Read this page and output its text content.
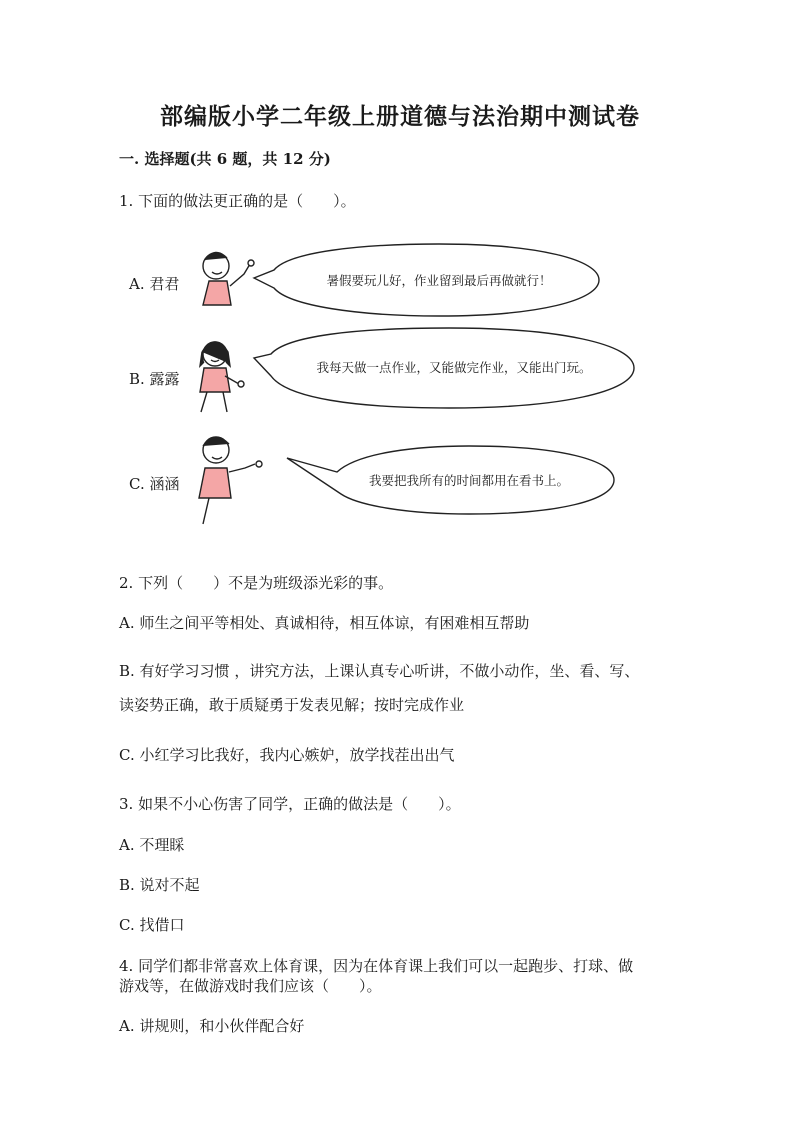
部编版小学二年级上册道德与法治期中测试卷
一. 选择题(共 6 题，共 12 分)
1. 下面的做法更正确的是（　　）。
A. 君君	暑假要玩儿好，作业留到最后再做就行！
B. 露露
我每天做一点作业，又能做完作业，又能出门玩。
C. 涵涵	我要把我所有的时间都用在看书上。
2. 下列（　　）不是为班级添光彩的事。
A. 师生之间平等相处、真诚相待，相互体谅，有困难相互帮助
B. 有好学习习惯 ，讲究方法，上课认真专心听讲，不做小动作，坐、看、写、
读姿势正确，敢于质疑勇于发表见解；按时完成作业
C. 小红学习比我好，我内心嫉妒，放学找茬出出气
3. 如果不小心伤害了同学，正确的做法是（　　）。
A. 不理睬
B. 说对不起
C. 找借口
4. 同学们都非常喜欢上体育课，因为在体育课上我们可以一起跑步、打球、做
游戏等，在做游戏时我们应该（　　）。
A. 讲规则，和小伙伴配合好
